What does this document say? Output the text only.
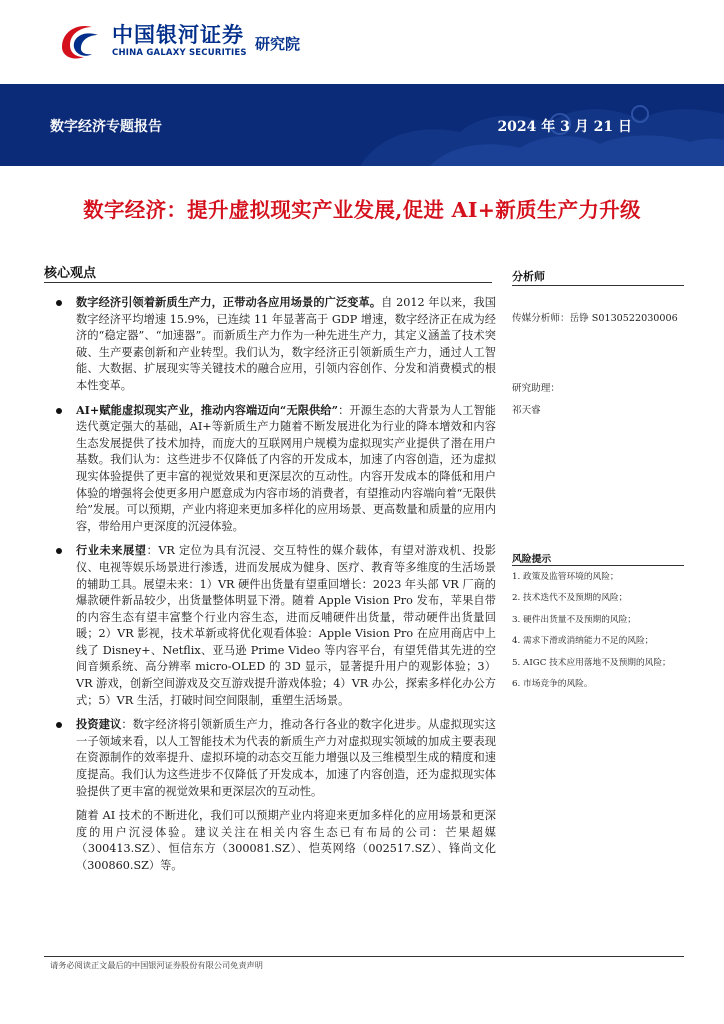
中国银河证券
CHINA GALAXY SECURITIES 研究院
数字经济专题报告	2024 年 3 月 21 日
数字经济：提升虚拟现实产业发展,促进 AI+新质生产力升级
核心观点
数字经济引领着新质生产力，正带动各应用场景的广泛变革。自 2012 年以来，我国数字经济平均增速 15.9%，已连续 11 年显著高于 GDP 增速，数字经济正在成为经济的“稳定器”、“加速器”。而新质生产力作为一种先进生产力，其定义涵盖了技术突破、生产要素创新和产业转型。我们认为，数字经济正引领新质生产力，通过人工智能、大数据、扩展现实等关键技术的融合应用，引领内容创作、分发和消费模式的根本性变革。
AI+赋能虚拟现实产业，推动内容端迈向“无限供给”：开源生态的大背景为人工智能迭代奠定强大的基础，AI+等新质生产力随着不断发展进化为行业的降本增效和内容生态发展提供了技术加持，而庞大的互联网用户规模为虚拟现实产业提供了潜在用户基数。我们认为：这些进步不仅降低了内容的开发成本，加速了内容创造，还为虚拟现实体验提供了更丰富的视觉效果和更深层次的互动性。内容开发成本的降低和用户体验的增强将会使更多用户愿意成为内容市场的消费者，有望推动内容端向着“无限供给”发展。可以预期，产业内将迎来更加多样化的应用场景、更高数量和质量的应用内容，带给用户更深度的沉浸体验。
行业未来展望：VR 定位为具有沉浸、交互特性的媒介载体，有望对游戏机、投影仪、电视等娱乐场景进行渗透，进而发展成为健身、医疗、教育等多维度的生活场景的辅助工具。展望未来：1）VR 硬件出货量有望重回增长：2023 年头部 VR 厂商的爆款硬件新品较少，出货量整体明显下滑。随着 Apple Vision Pro 发布，苹果自带的内容生态有望丰富整个行业内容生态，进而反哺硬件出货量，带动硬件出货量回暖；2）VR 影视，技术革新或将优化观看体验：Apple Vision Pro 在应用商店中上线了 Disney+、Netflix、亚马逊 Prime Video 等内容平台，有望凭借其先进的空间音频系统、高分辨率 micro-OLED 的 3D 显示，显著提升用户的观影体验；3）VR 游戏，创新空间游戏及交互游戏提升游戏体验；4）VR 办公，探索多样化办公方式；5）VR 生活，打破时间空间限制，重塑生活场景。
投资建议：数字经济将引领新质生产力，推动各行各业的数字化进步。从虚拟现实这一子领域来看，以人工智能技术为代表的新质生产力对虚拟现实领域的加成主要表现在资源制作的效率提升、虚拟环境的动态交互能力增强以及三维模型生成的精度和速度提高。我们认为这些进步不仅降低了开发成本，加速了内容创造，还为虚拟现实体验提供了更丰富的视觉效果和更深层次的互动性。
随着 AI 技术的不断进化，我们可以预期产业内将迎来更加多样化的应用场景和更深度的用户沉浸体验。建议关注在相关内容生态已有布局的公司：芒果超媒（300413.SZ）、恒信东方（300081.SZ）、恺英网络（002517.SZ）、锋尚文化（300860.SZ）等。
分析师
传媒分析师：岳铮 S0130522030006
研究助理：
祁天睿
风险提示
1. 政策及监管环境的风险；
2. 技术迭代不及预期的风险；
3. 硬件出货量不及预期的风险；
4. 需求下滑或消纳能力不足的风险；
5. AIGC 技术应用落地不及预期的风险；
6. 市场竞争的风险。
请务必阅读正文最后的中国银河证券股份有限公司免责声明
